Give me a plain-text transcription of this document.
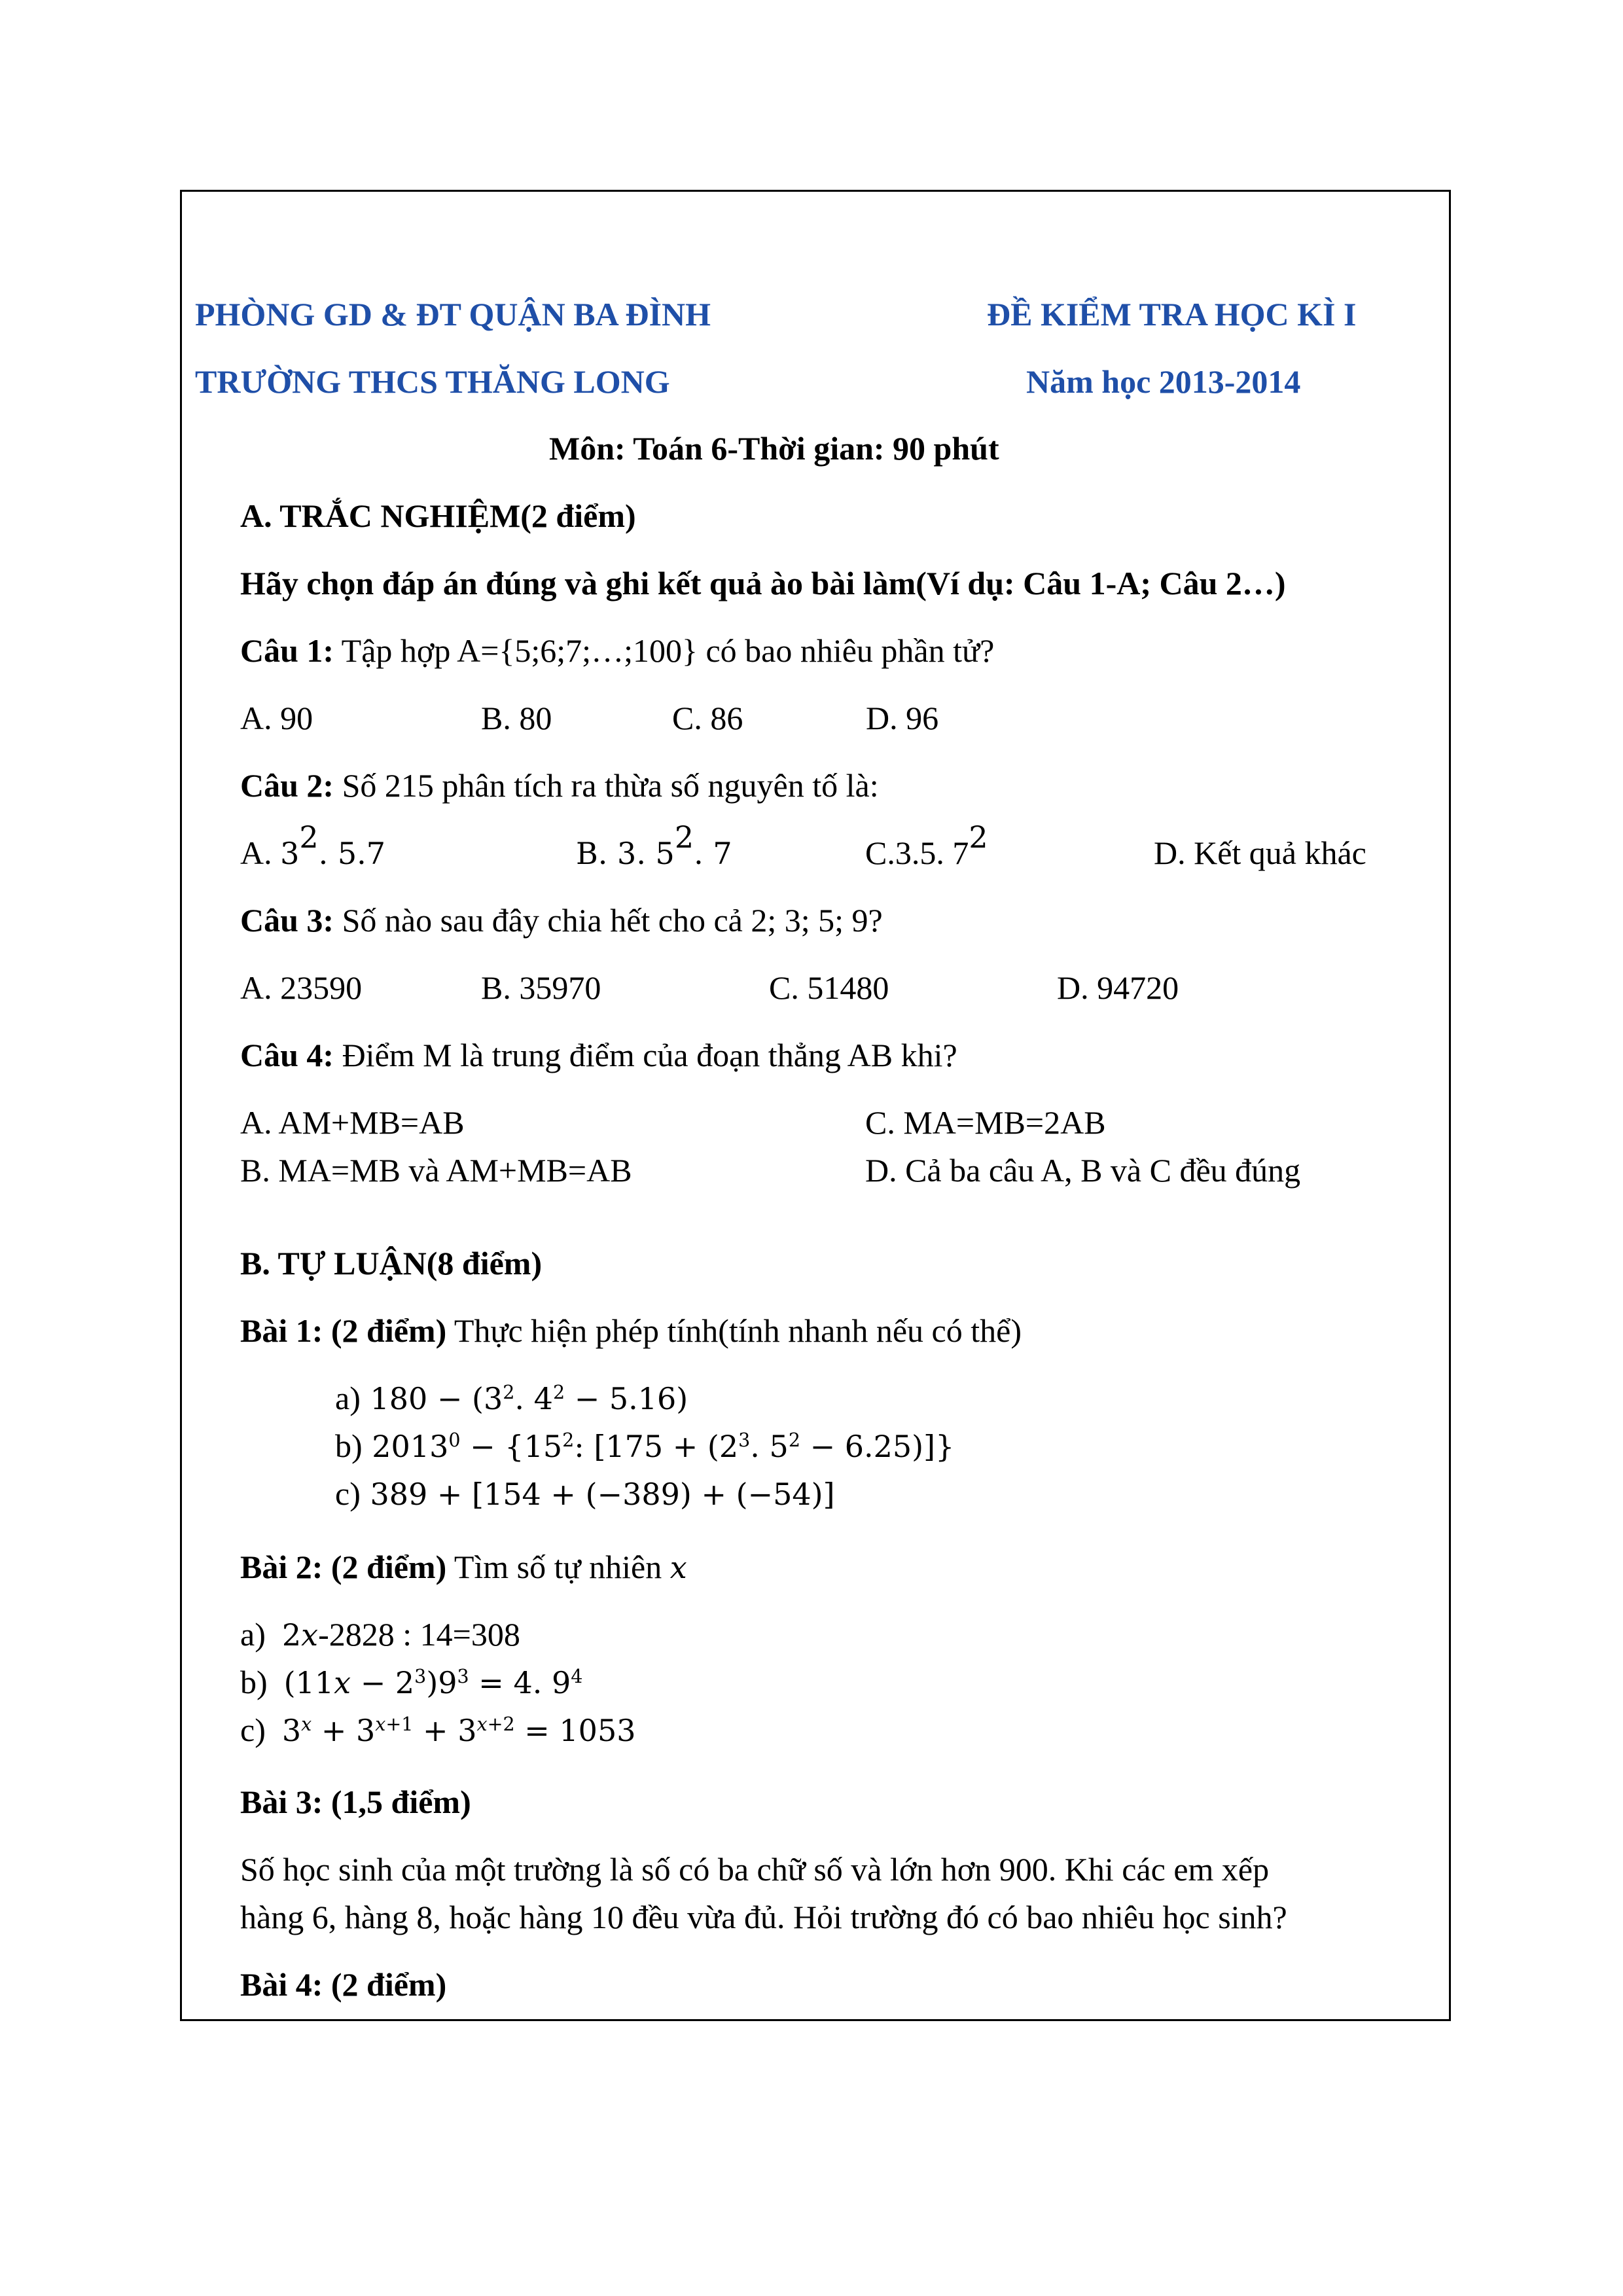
PHÒNG GD & ĐT QUẬN BA ĐÌNH	ĐỀ KIỂM TRA HỌC KÌ I
TRƯỜNG THCS THĂNG LONG	Năm học 2013-2014
Môn: Toán 6-Thời gian: 90 phút
A. TRẮC NGHIỆM(2 điểm)
Hãy chọn đáp án đúng và ghi kết quả ào bài làm(Ví dụ: Câu 1-A; Câu 2…)
Câu 1: Tập hợp A={5;6;7;…;100} có bao nhiêu phần tử?
A. 90	B. 80	C. 86	D. 96
Câu 2: Số 215 phân tích ra thừa số nguyên tố là:
A. $3^2$. 5.7	B. 3. $5^2$. 7	C.3.5. $7^2$	D. Kết quả khác
Câu 3: Số nào sau đây chia hết cho cả 2; 3; 5; 9?
A. 23590	B. 35970	C. 51480	D. 94720
Câu 4: Điểm M là trung điểm của đoạn thẳng AB khi?
A. AM+MB=AB	C. MA=MB=2AB
B. MA=MB và AM+MB=AB	D. Cả ba câu A, B và C đều đúng
B. TỰ LUẬN(8 điểm)
Bài 1: (2 điểm) Thực hiện phép tính(tính nhanh nếu có thể)
a) $180 - (3^2$. $4^2 - 5.16$)
b) $2013^0 - \{15^2$: [$175 + (2^3$. $5^2 - 6.25$)]}
c) 389 + [154 + (−389) + (−54)]
Bài 2: (2 điểm) Tìm số tự nhiên x
a) 2x-2828 : 14=308
b) $(11x - 2^3)9^3 = 4$. $9^4$
c) $3^x + 3^{x+1} + 3^{x+2} = 1053$
Bài 3: (1,5 điểm)
Số học sinh của một trường là số có ba chữ số và lớn hơn 900. Khi các em xếp
hàng 6, hàng 8, hoặc hàng 10 đều vừa đủ. Hỏi trường đó có bao nhiêu học sinh?
Bài 4: (2 điểm)
